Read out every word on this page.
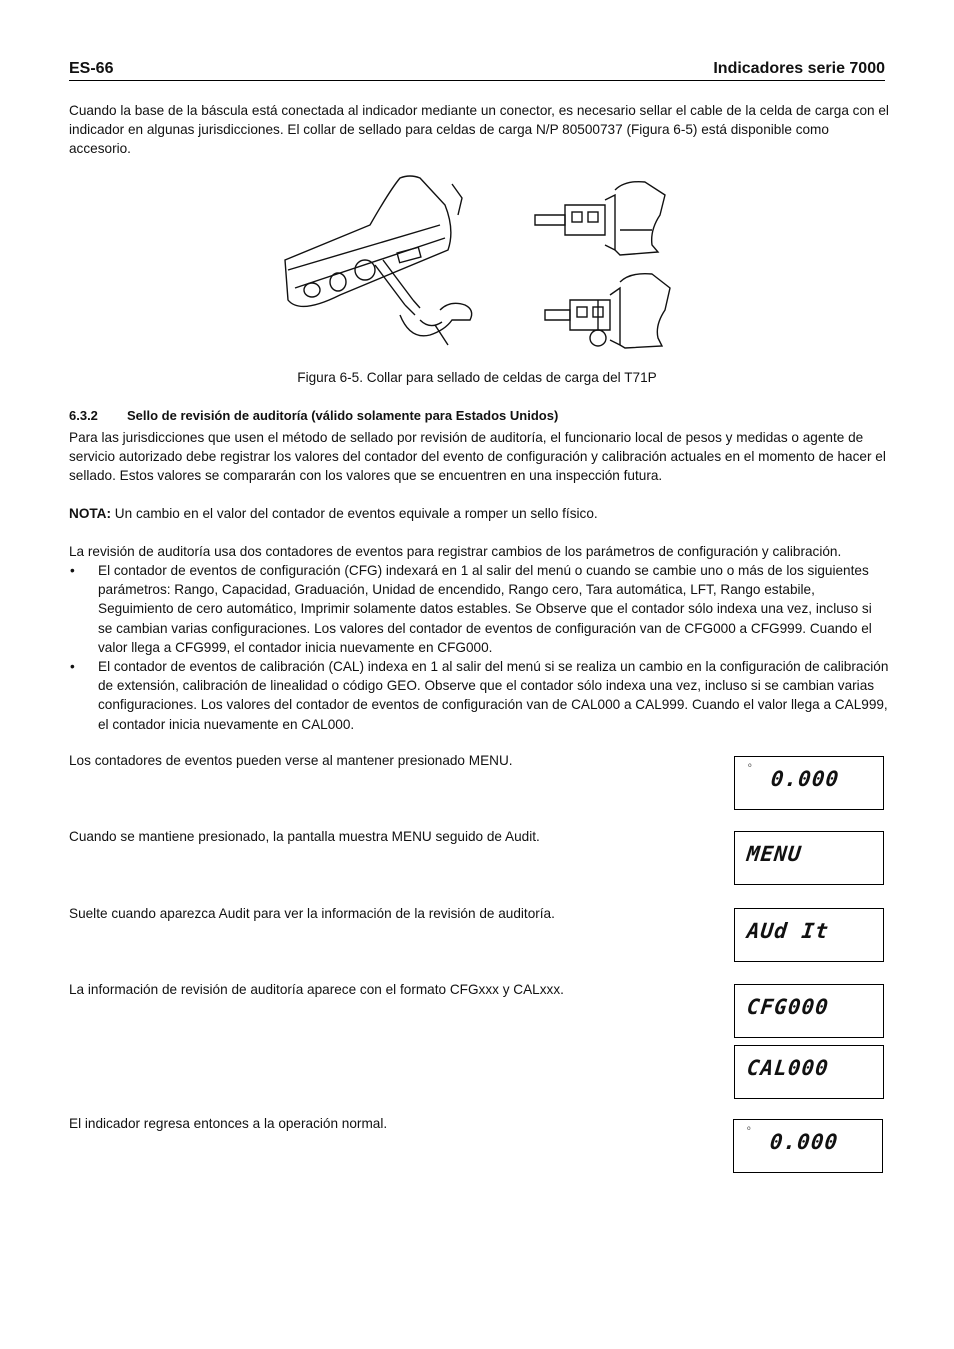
ES-66	Indicadores serie 7000
Cuando la base de la báscula está conectada al indicador mediante un conector, es necesario sellar el cable de la celda de carga con el indicador en algunas jurisdicciones. El collar de sellado para celdas de carga N/P 80500737 (Figura 6-5) está disponible como accesorio.
Figura 6-5. Collar para sellado de celdas de carga del T71P
6.3.2 Sello de revisión de auditoría (válido solamente para Estados Unidos)
Para las jurisdicciones que usen el método de sellado por revisión de auditoría, el funcionario local de pesos y medidas o agente de servicio autorizado debe registrar los valores del contador del evento de configuración y calibración actuales en el momento de hacer el sellado. Estos valores se compararán con los valores que se encuentren en una inspección futura.
NOTA: Un cambio en el valor del contador de eventos equivale a romper un sello físico.
La revisión de auditoría usa dos contadores de eventos para registrar cambios de los parámetros de configuración y calibración.
• El contador de eventos de configuración (CFG) indexará en 1 al salir del menú o cuando se cambie uno o más de los siguientes parámetros: Rango, Capacidad, Graduación, Unidad de encendido, Rango cero, Tara automática, LFT, Rango estabile, Seguimiento de cero automático, Imprimir solamente datos estables. Se Observe que el contador sólo indexa una vez, incluso si se cambian varias configuraciones. Los valores del contador de eventos de configuración van de CFG000 a CFG999. Cuando el valor llega a CFG999, el contador inicia nuevamente en CFG000.
• El contador de eventos de calibración (CAL) indexa en 1 al salir del menú si se realiza un cambio en la configuración de calibración de extensión, calibración de linealidad o código GEO. Observe que el contador sólo indexa una vez, incluso si se cambian varias configuraciones. Los valores del contador de eventos de configuración van de CAL000 a CAL999. Cuando el valor llega a CAL999, el contador inicia nuevamente en CAL000.
Los contadores de eventos pueden verse al mantener presionado MENU.	o
0.000
Cuando se mantiene presionado, la pantalla muestra MENU seguido de Audit.
MENU
Suelte cuando aparezca Audit para ver la información de la revisión de auditoría.
AUd It
La información de revisión de auditoría aparece con el formato CFGxxx y CALxxx.
CFG000
CAL000
El indicador regresa entonces a la operación normal.	o
0.000
